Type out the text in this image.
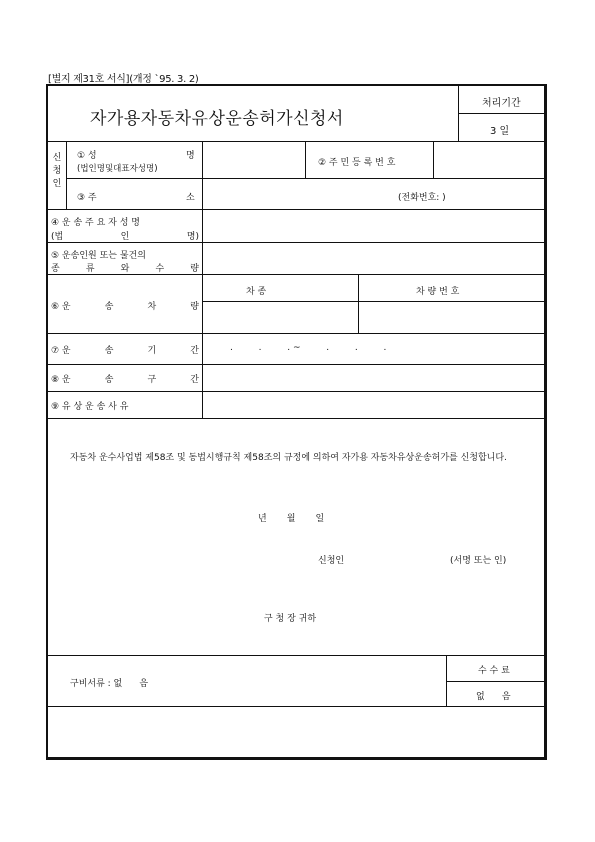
[별지 제31호 서식](개정 `95. 3. 2)
자가용자동차유상운송허가신청서
처리기간
3 일
신청인
① 성	명
(법인명및대표자성명)
② 주 민 등 록 번 호
③ 주	소	(전화번호: )
④ 운 송 주 요 자 성 명
(법	인	명)
⑤ 운송인원 또는 물건의
종	류	와	수	량
⑥ 운	송	차	량
차 종	차 량 번 호
⑦ 운	송	기	간	.         .         . ~         .         .         .
⑧ 운	송	구	간
⑨ 유 상 운 송 사 유
자동차 운수사업법 제58조 및 동법시행규칙 제58조의 규정에 의하여 자가용 자동차유상운송허가를 신청합니다.
년       월       일
신청인	(서명 또는 인)
구 청 장 귀하
구비서류 : 없      음
수 수 료
없      음
